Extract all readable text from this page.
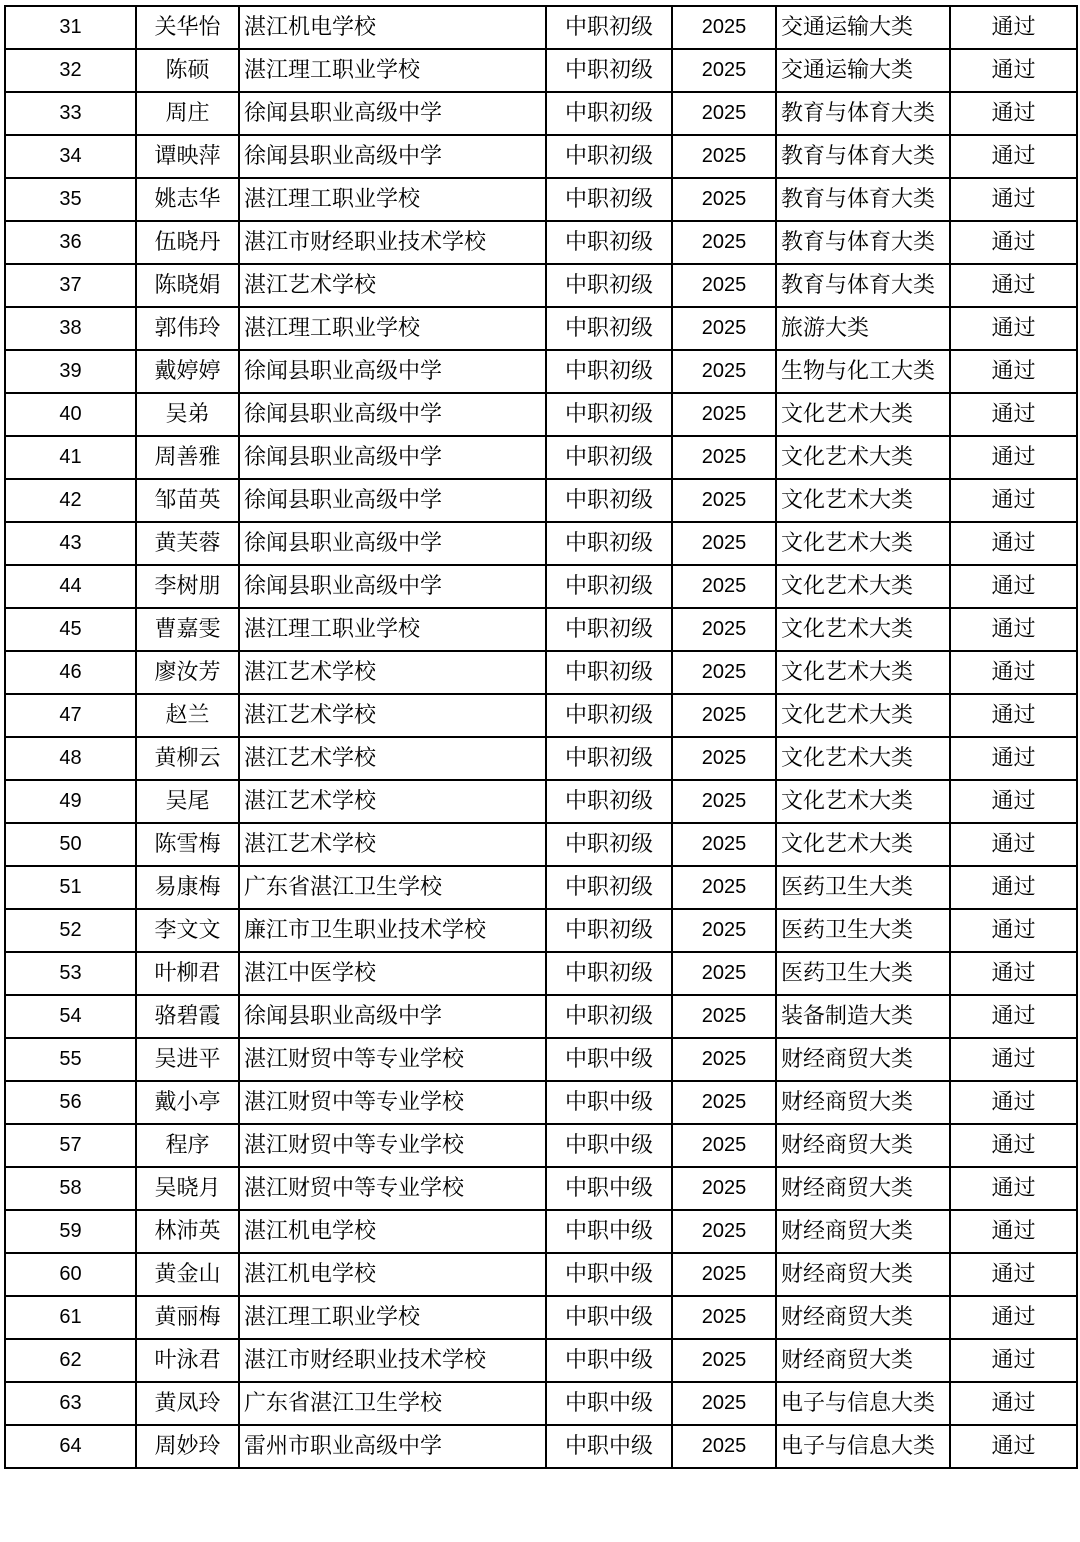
31	关华怡	湛江机电学校	中职初级	2025	交通运输大类	通过
32	陈硕	湛江理工职业学校	中职初级	2025	交通运输大类	通过
33	周庄	徐闻县职业高级中学	中职初级	2025	教育与体育大类	通过
34	谭映萍	徐闻县职业高级中学	中职初级	2025	教育与体育大类	通过
35	姚志华	湛江理工职业学校	中职初级	2025	教育与体育大类	通过
36	伍晓丹	湛江市财经职业技术学校	中职初级	2025	教育与体育大类	通过
37	陈晓娟	湛江艺术学校	中职初级	2025	教育与体育大类	通过
38	郭伟玲	湛江理工职业学校	中职初级	2025	旅游大类	通过
39	戴婷婷	徐闻县职业高级中学	中职初级	2025	生物与化工大类	通过
40	吴弟	徐闻县职业高级中学	中职初级	2025	文化艺术大类	通过
41	周善雅	徐闻县职业高级中学	中职初级	2025	文化艺术大类	通过
42	邹苗英	徐闻县职业高级中学	中职初级	2025	文化艺术大类	通过
43	黄芙蓉	徐闻县职业高级中学	中职初级	2025	文化艺术大类	通过
44	李树朋	徐闻县职业高级中学	中职初级	2025	文化艺术大类	通过
45	曹嘉雯	湛江理工职业学校	中职初级	2025	文化艺术大类	通过
46	廖汝芳	湛江艺术学校	中职初级	2025	文化艺术大类	通过
47	赵兰	湛江艺术学校	中职初级	2025	文化艺术大类	通过
48	黄柳云	湛江艺术学校	中职初级	2025	文化艺术大类	通过
49	吴尾	湛江艺术学校	中职初级	2025	文化艺术大类	通过
50	陈雪梅	湛江艺术学校	中职初级	2025	文化艺术大类	通过
51	易康梅	广东省湛江卫生学校	中职初级	2025	医药卫生大类	通过
52	李文文	廉江市卫生职业技术学校	中职初级	2025	医药卫生大类	通过
53	叶柳君	湛江中医学校	中职初级	2025	医药卫生大类	通过
54	骆碧霞	徐闻县职业高级中学	中职初级	2025	装备制造大类	通过
55	吴进平	湛江财贸中等专业学校	中职中级	2025	财经商贸大类	通过
56	戴小亭	湛江财贸中等专业学校	中职中级	2025	财经商贸大类	通过
57	程序	湛江财贸中等专业学校	中职中级	2025	财经商贸大类	通过
58	吴晓月	湛江财贸中等专业学校	中职中级	2025	财经商贸大类	通过
59	林沛英	湛江机电学校	中职中级	2025	财经商贸大类	通过
60	黄金山	湛江机电学校	中职中级	2025	财经商贸大类	通过
61	黄丽梅	湛江理工职业学校	中职中级	2025	财经商贸大类	通过
62	叶泳君	湛江市财经职业技术学校	中职中级	2025	财经商贸大类	通过
63	黄凤玲	广东省湛江卫生学校	中职中级	2025	电子与信息大类	通过
64	周妙玲	雷州市职业高级中学	中职中级	2025	电子与信息大类	通过
